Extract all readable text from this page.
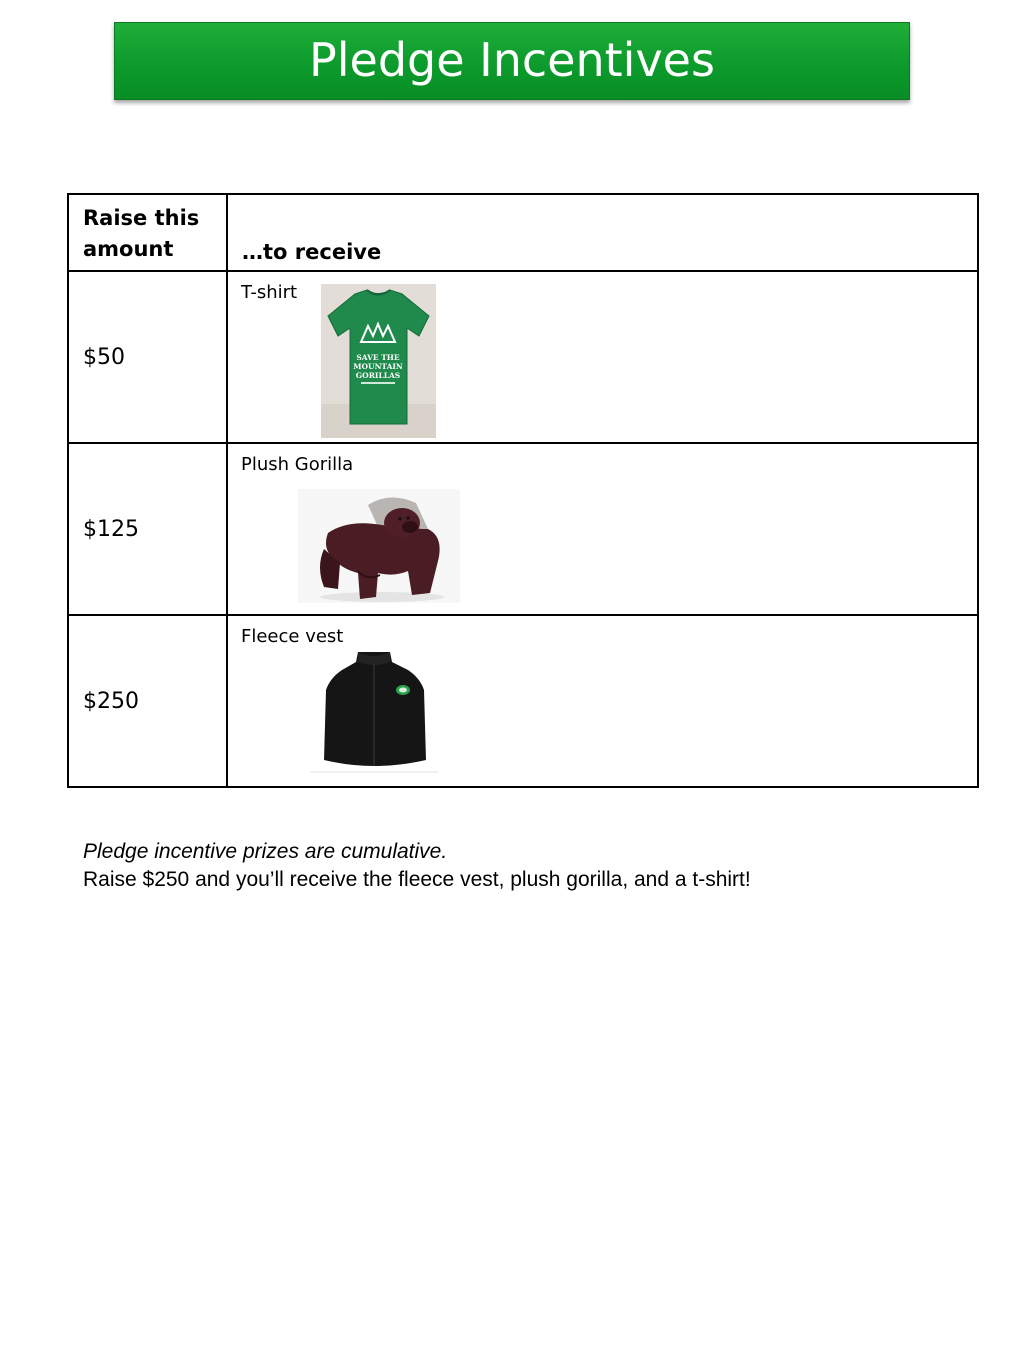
Pledge Incentives
Raise this
amount	…to receive
$50	T-shirt
SAVE THE
MOUNTAIN
GORILLAS

$125	Plush Gorilla

$250	Fleece vest
Pledge incentive prizes are cumulative.
Raise $250 and you’ll receive the fleece vest, plush gorilla, and a t-shirt!
